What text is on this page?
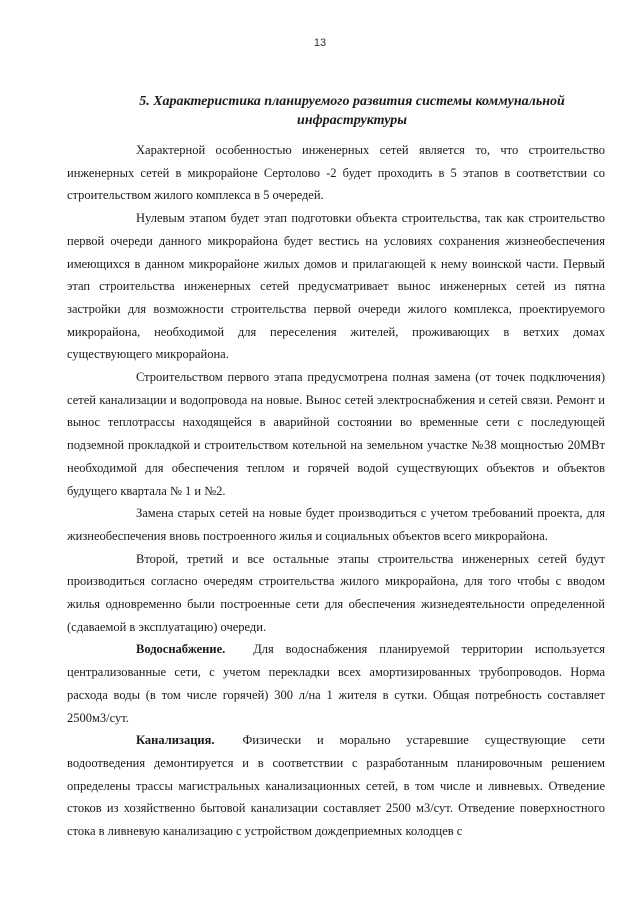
13
5. Характеристика планируемого развития системы коммунальной инфраструктуры

Характерной особенностью инженерных сетей является то, что строительство инженерных сетей в микрорайоне Сертолово -2 будет проходить в 5 этапов в соответствии со строительством жилого комплекса в 5 очередей.

Нулевым этапом будет этап подготовки объекта строительства, так как строительство первой очереди данного микрорайона будет вестись на условиях сохранения жизнеобеспечения имеющихся в данном микрорайоне жилых домов и прилагающей к нему воинской части. Первый этап строительства инженерных сетей предусматривает вынос инженерных сетей из пятна застройки для возможности строительства первой очереди жилого комплекса, проектируемого микрорайона, необходимой для переселения жителей, проживающих в ветхих домах существующего микрорайона.

Строительством первого этапа предусмотрена полная замена (от точек подключения) сетей канализации и водопровода на новые. Вынос сетей электроснабжения и сетей связи. Ремонт и вынос теплотрассы находящейся в аварийной состоянии во временные сети с последующей подземной прокладкой и строительством котельной на земельном участке №38 мощностью 20МВт необходимой для обеспечения теплом и горячей водой существующих объектов и объектов будущего квартала № 1 и №2.

Замена старых сетей на новые будет производиться с учетом требований проекта, для жизнеобеспечения вновь построенного жилья и социальных объектов всего микрорайона.

Второй, третий и все остальные этапы строительства инженерных сетей будут производиться согласно очередям строительства жилого микрорайона, для того чтобы с вводом жилья одновременно были построенные сети для обеспечения жизнедеятельности определенной (сдаваемой в эксплуатацию) очереди.

Водоснабжение. Для водоснабжения планируемой территории используется централизованные сети, с учетом перекладки всех амортизированных трубопроводов. Норма расхода воды (в том числе горячей) 300 л/на 1 жителя в сутки. Общая потребность составляет 2500м3/сут.

Канализация. Физически и морально устаревшие существующие сети водоотведения демонтируется и в соответствии с разработанным планировочным решением определены трассы магистральных канализационных сетей, в том числе и ливневых. Отведение стоков из хозяйственно бытовой канализации составляет 2500 м3/сут. Отведение поверхностного стока в ливневую канализацию с устройством дождеприемных колодцев с
